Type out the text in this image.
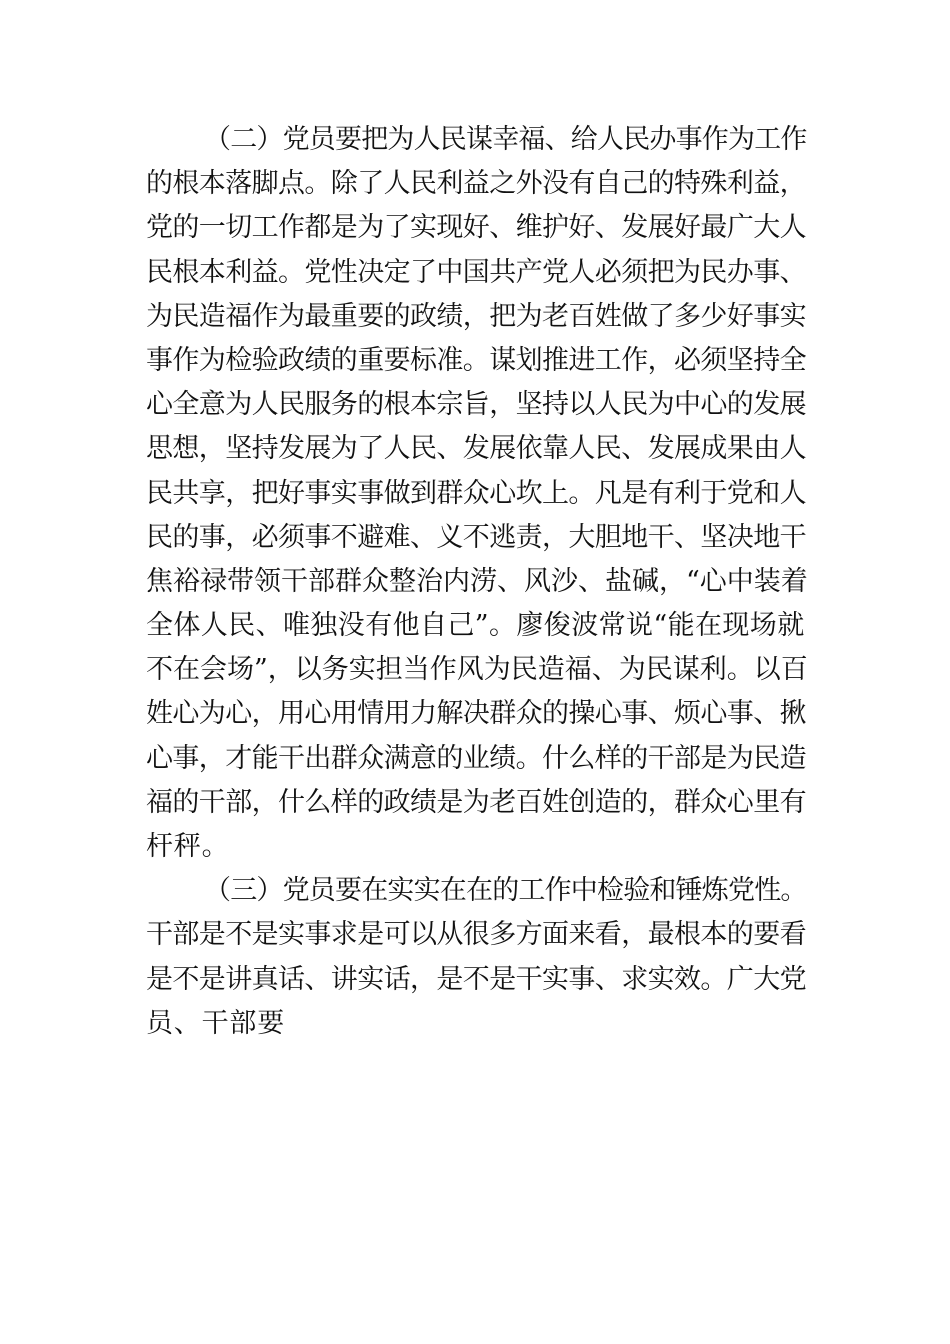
（二）党员要把为人民谋幸福、给人民办事作为工作
的根本落脚点。除了人民利益之外没有自己的特殊利益，
党的一切工作都是为了实现好、维护好、发展好最广大人
民根本利益。党性决定了中国共产党人必须把为民办事、
为民造福作为最重要的政绩，把为老百姓做了多少好事实
事作为检验政绩的重要标准。谋划推进工作，必须坚持全
心全意为人民服务的根本宗旨，坚持以人民为中心的发展
思想，坚持发展为了人民、发展依靠人民、发展成果由人
民共享，把好事实事做到群众心坎上。凡是有利于党和人
民的事，必须事不避难、义不逃责，大胆地干、坚决地干
焦裕禄带领干部群众整治内涝、风沙、盐碱，“心中装着
全体人民、唯独没有他自己”。廖俊波常说“能在现场就
不在会场”，以务实担当作风为民造福、为民谋利。以百
姓心为心，用心用情用力解决群众的操心事、烦心事、揪
心事，才能干出群众满意的业绩。什么样的干部是为民造
福的干部，什么样的政绩是为老百姓创造的，群众心里有
杆秤。
（三）党员要在实实在在的工作中检验和锤炼党性。
干部是不是实事求是可以从很多方面来看，最根本的要看
是不是讲真话、讲实话，是不是干实事、求实效。广大党
员、干部要
